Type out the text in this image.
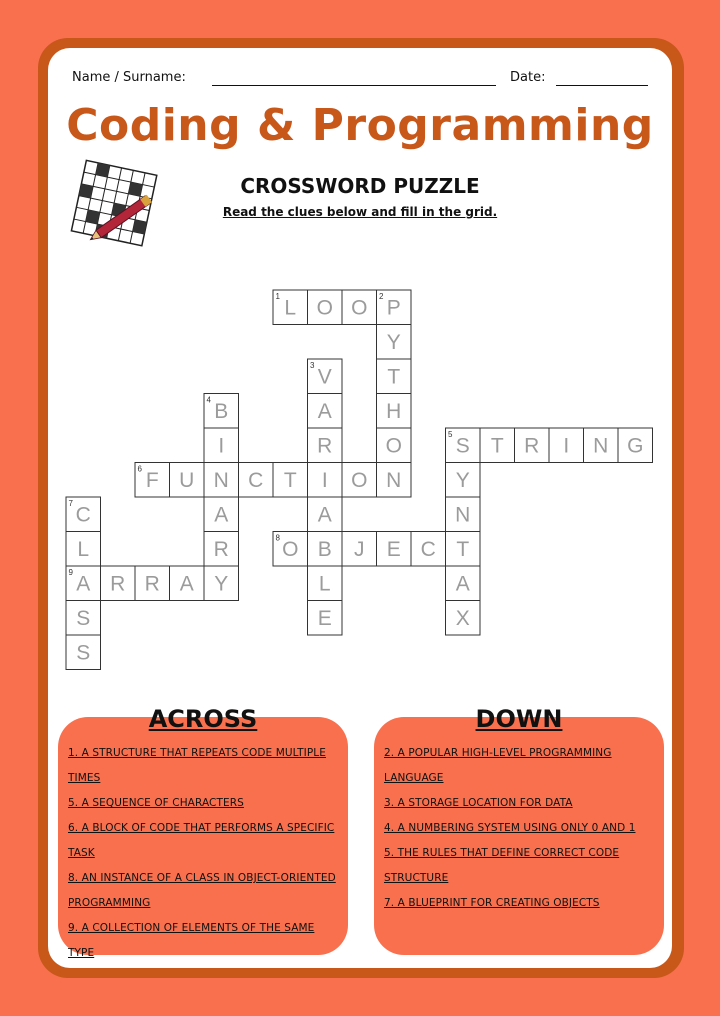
Name / Surname:	Date:
Coding & Programming
CROSSWORD PUZZLE
Read the clues below and fill in the grid.
L O O P
Y
T
H
O
N
V
A
R
I
A
B
L
E
B
I
N
A
R
Y
S T R I N G
Y
N
T
A
X
F U	C T	O
C
L
A
S
S
O	J E C
R R A
1	2
3
4
5
6
7
8
9
ACROSS
1. A STRUCTURE THAT REPEATS CODE MULTIPLE TIMES
5. A SEQUENCE OF CHARACTERS
6. A BLOCK OF CODE THAT PERFORMS A SPECIFIC TASK
8. AN INSTANCE OF A CLASS IN OBJECT-ORIENTED PROGRAMMING
9. A COLLECTION OF ELEMENTS OF THE SAME TYPE
DOWN
2. A POPULAR HIGH-LEVEL PROGRAMMING LANGUAGE
3. A STORAGE LOCATION FOR DATA
4. A NUMBERING SYSTEM USING ONLY 0 AND 1
5. THE RULES THAT DEFINE CORRECT CODE STRUCTURE
7. A BLUEPRINT FOR CREATING OBJECTS
